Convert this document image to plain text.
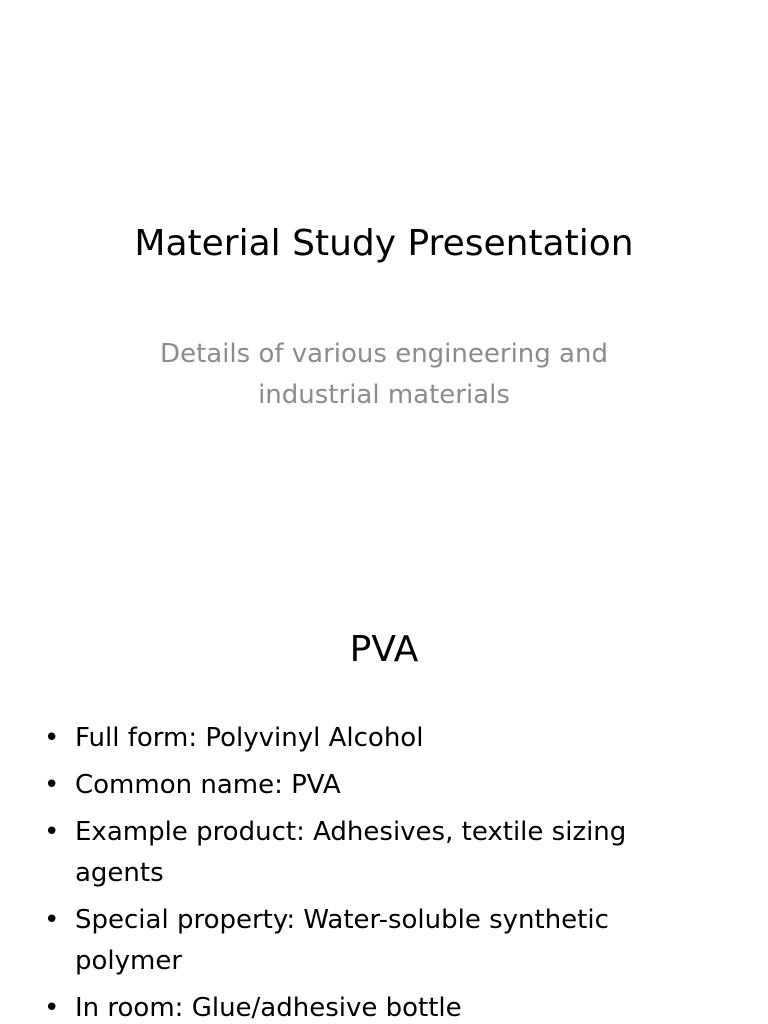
Material Study Presentation
Details of various engineering and industrial materials
PVA
• Full form: Polyvinyl Alcohol
• Common name: PVA
• Example product: Adhesives, textile sizing agents
• Special property: Water-soluble synthetic polymer
• In room: Glue/adhesive bottle
